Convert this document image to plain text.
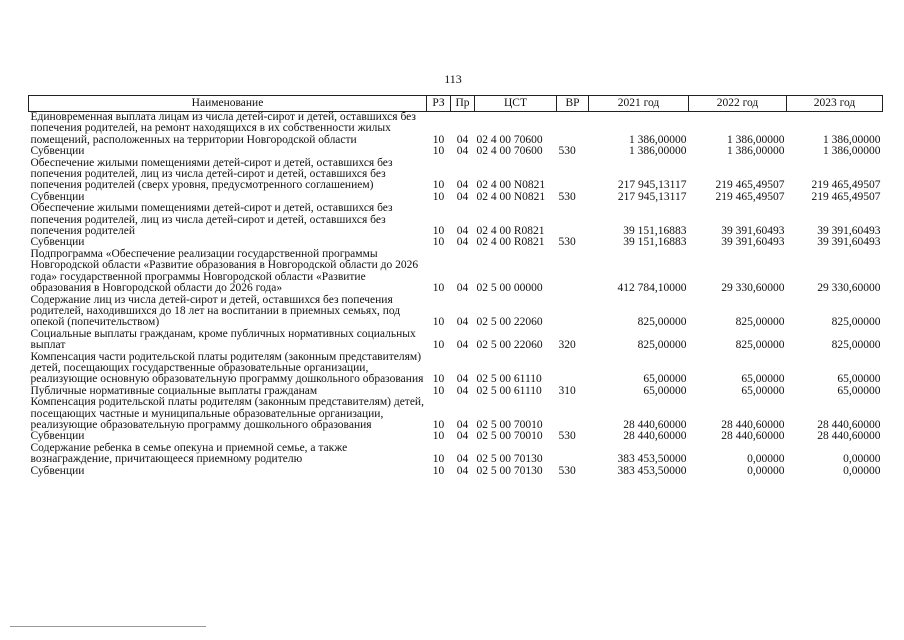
113
Наименование	РЗ	Пр	ЦСТ	ВР	2021 год	2022 год	2023 год
Единовременная выплата лицам из числа детей-сирот и детей, оставшихся без попечения родителей, на ремонт находящихся в их собственности жилых помещений, расположенных на территории Новгородской области	10	04	02 4 00 70600		1 386,00000	1 386,00000	1 386,00000
Субвенции	10	04	02 4 00 70600	530	1 386,00000	1 386,00000	1 386,00000
Обеспечение жилыми помещениями детей-сирот и детей, оставшихся без попечения родителей, лиц из числа детей-сирот и детей, оставшихся без попечения родителей (сверх уровня, предусмотренного соглашением)	10	04	02 4 00 N0821		217 945,13117	219 465,49507	219 465,49507
Субвенции	10	04	02 4 00 N0821	530	217 945,13117	219 465,49507	219 465,49507
Обеспечение жилыми помещениями детей-сирот и детей, оставшихся без попечения родителей, лиц из числа детей-сирот и детей, оставшихся без попечения родителей	10	04	02 4 00 R0821		39 151,16883	39 391,60493	39 391,60493
Субвенции	10	04	02 4 00 R0821	530	39 151,16883	39 391,60493	39 391,60493
Подпрограмма «Обеспечение реализации государственной программы Новгородской области «Развитие образования в Новгородской области до 2026 года» государственной программы Новгородской области «Развитие образования в Новгородской области до 2026 года»	10	04	02 5 00 00000		412 784,10000	29 330,60000	29 330,60000
Содержание лиц из числа детей-сирот и детей, оставшихся без попечения родителей, находившихся до 18 лет на воспитании в приемных семьях, под опекой (попечительством)	10	04	02 5 00 22060		825,00000	825,00000	825,00000
Социальные выплаты гражданам, кроме публичных нормативных социальных выплат	10	04	02 5 00 22060	320	825,00000	825,00000	825,00000
Компенсация части родительской платы родителям (законным представителям) детей, посещающих государственные образовательные организации, реализующие основную образовательную программу дошкольного образования	10	04	02 5 00 61110		65,00000	65,00000	65,00000
Публичные нормативные социальные выплаты гражданам	10	04	02 5 00 61110	310	65,00000	65,00000	65,00000
Компенсация родительской платы родителям (законным представителям) детей, посещающих частные и муниципальные образовательные организации, реализующие образовательную программу дошкольного образования	10	04	02 5 00 70010		28 440,60000	28 440,60000	28 440,60000
Субвенции	10	04	02 5 00 70010	530	28 440,60000	28 440,60000	28 440,60000
Содержание ребенка в семье опекуна и приемной семье, а также вознаграждение, причитающееся приемному родителю	10	04	02 5 00 70130		383 453,50000	0,00000	0,00000
Субвенции	10	04	02 5 00 70130	530	383 453,50000	0,00000	0,00000
